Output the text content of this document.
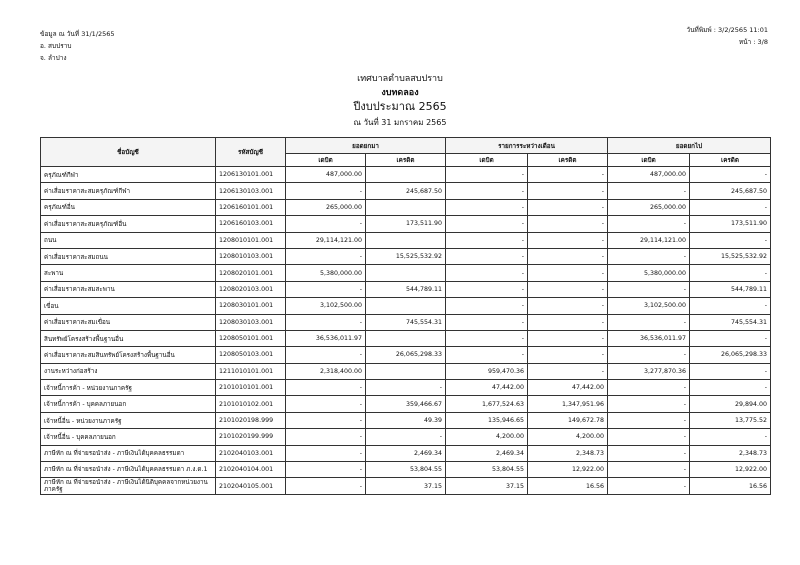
ข้อมูล ณ วันที่ 31/1/2565
อ. สบปราบ
จ. ลำปาง
วันที่พิมพ์ : 3/2/2565 11:01
หน้า : 3/8
เทศบาลตำบลสบปราบ
งบทดลอง
ปีงบประมาณ 2565
ณ วันที่ 31 มกราคม 2565
ชื่อบัญชี	รหัสบัญชี	ยอดยกมา		รายการระหว่างเดือน		ยอดยกไป	
		เดบิต	เครดิต	เดบิต	เครดิต	เดบิต	เครดิต
ครุภัณฑ์กีฬา	1206130101.001	487,000.00		-	-	487,000.00	-
ค่าเสื่อมราคาสะสมครุภัณฑ์กีฬา	1206130103.001	-	245,687.50	-	-	-	245,687.50
ครุภัณฑ์อื่น	1206160101.001	265,000.00		-	-	265,000.00	-
ค่าเสื่อมราคาสะสมครุภัณฑ์อื่น	1206160103.001	-	173,511.90	-	-	-	173,511.90
ถนน	1208010101.001	29,114,121.00		-	-	29,114,121.00	-
ค่าเสื่อมราคาสะสมถนน	1208010103.001	-	15,525,532.92	-	-	-	15,525,532.92
สะพาน	1208020101.001	5,380,000.00		-	-	5,380,000.00	-
ค่าเสื่อมราคาสะสมสะพาน	1208020103.001	-	544,789.11	-	-	-	544,789.11
เขื่อน	1208030101.001	3,102,500.00		-	-	3,102,500.00	-
ค่าเสื่อมราคาสะสมเขื่อน	1208030103.001	-	745,554.31	-	-	-	745,554.31
สินทรัพย์โครงสร้างพื้นฐานอื่น	1208050101.001	36,536,011.97		-	-	36,536,011.97	-
ค่าเสื่อมราคาสะสมสินทรัพย์โครงสร้างพื้นฐานอื่น	1208050103.001	-	26,065,298.33	-	-	-	26,065,298.33
งานระหว่างก่อสร้าง	1211010101.001	2,318,400.00		959,470.36	-	3,277,870.36	-
เจ้าหนี้การค้า - หน่วยงานภาครัฐ	2101010101.001	-	-	47,442.00	47,442.00	-	-
เจ้าหนี้การค้า - บุคคลภายนอก	2101010102.001	-	359,466.67	1,677,524.63	1,347,951.96	-	29,894.00
เจ้าหนี้อื่น - หน่วยงานภาครัฐ	2101020198.999	-	49.39	135,946.65	149,672.78	-	13,775.52
เจ้าหนี้อื่น - บุคคลภายนอก	2101020199.999	-	-	4,200.00	4,200.00	-	-
ภาษีหัก ณ ที่จ่ายรอนำส่ง - ภาษีเงินได้บุคคลธรรมดา	2102040103.001	-	2,469.34	2,469.34	2,348.73	-	2,348.73
ภาษีหัก ณ ที่จ่ายรอนำส่ง - ภาษีเงินได้บุคคลธรรมดา ภ.ง.ด.1	2102040104.001	-	53,804.55	53,804.55	12,922.00	-	12,922.00
ภาษีหัก ณ ที่จ่ายรอนำส่ง - ภาษีเงินได้นิติบุคคลจากหน่วยงานภาครัฐ	2102040105.001	-	37.15	37.15	16.56	-	16.56
